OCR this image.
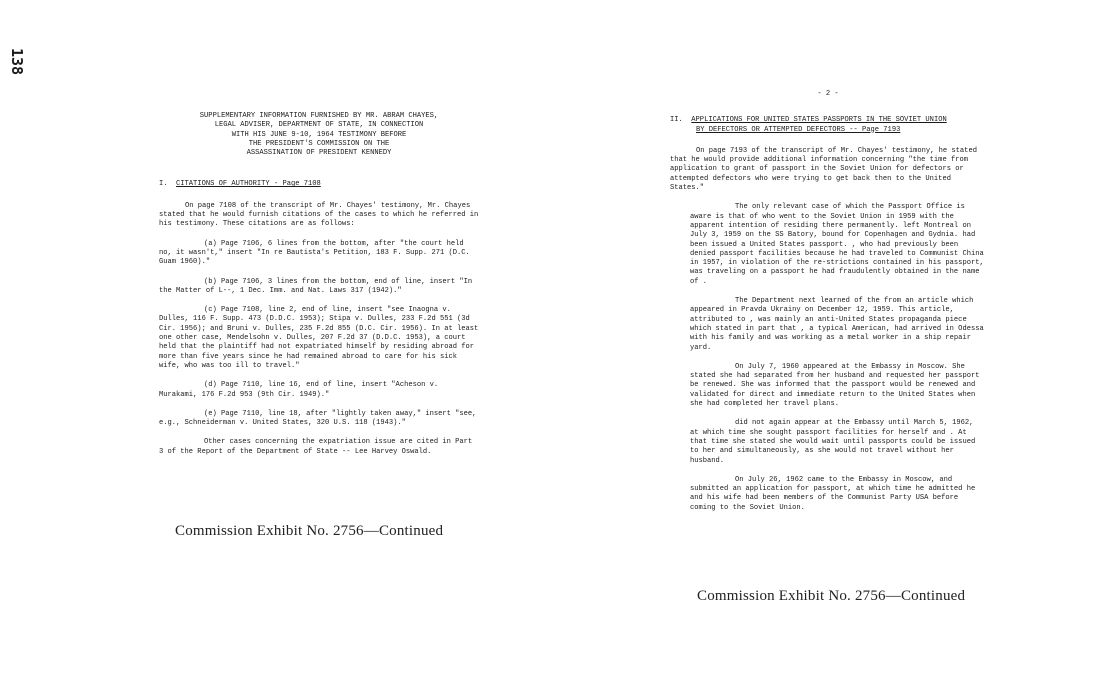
138
SUPPLEMENTARY INFORMATION FURNISHED BY MR. ABRAM CHAYES,
LEGAL ADVISER, DEPARTMENT OF STATE, IN CONNECTION
WITH HIS JUNE 9-10, 1964 TESTIMONY BEFORE
THE PRESIDENT'S COMMISSION ON THE
ASSASSINATION OF PRESIDENT KENNEDY
I. CITATIONS OF AUTHORITY - Page 7108

On page 7108 of the transcript of Mr. Chayes' testimony, Mr. Chayes stated that he would furnish citations of the cases to which he referred in his testimony. These citations are as follows:

(a) Page 7106, 6 lines from the bottom, after "the court held no, it wasn't," insert "In re Bautista's Petition, 183 F. Supp. 271 (D.C. Guam 1960)."

(b) Page 7106, 3 lines from the bottom, end of line, insert "In the Matter of L--, 1 Dec. Imm. and Nat. Laws 317 (1942)."

(c) Page 7108, line 2, end of line, insert "see Inaogna v. Dulles, 116 F. Supp. 473 (D.D.C. 1953); Stipa v. Dulles, 233 F.2d 551 (3d Cir. 1956); and Bruni v. Dulles, 235 F.2d 855 (D.C. Cir. 1956). In at least one other case, Mendelsohn v. Dulles, 207 F.2d 37 (D.D.C. 1953), a court held that the plaintiff had not expatriated himself by residing abroad for more than five years since he had remained abroad to care for his sick wife, who was too ill to travel."

(d) Page 7110, line 16, end of line, insert "Acheson v. Murakami, 176 F.2d 953 (9th Cir. 1949)."

(e) Page 7110, line 18, after "lightly taken away," insert "see, e.g., Schneiderman v. United States, 320 U.S. 118 (1943)."

Other cases concerning the expatriation issue are cited in Part 3 of the Report of the Department of State -- Lee Harvey Oswald.

Commission Exhibit No. 2756—Continued
- 2 -
II. APPLICATIONS FOR UNITED STATES PASSPORTS IN THE SOVIET UNION
BY DEFECTORS OR ATTEMPTED DEFECTORS -- Page 7193

On page 7193 of the transcript of Mr. Chayes' testimony, he stated that he would provide additional information concerning "the time from application to grant of passport in the Soviet Union for defectors or attempted defectors who were trying to get back then to the United States."

The only relevant case of which the Passport Office is aware is that of who went to the Soviet Union in 1959 with the apparent intention of residing there permanently. left Montreal on July 3, 1959 on the SS Batory, bound for Copenhagen and Gydnia. had been issued a United States passport. , who had previously been denied passport facilities because he had traveled to Communist China in 1957, in violation of the re-strictions contained in his passport, was traveling on a passport he had fraudulently obtained in the name of .

The Department next learned of the from an article which appeared in Pravda Ukrainy on December 12, 1959. This article, attributed to , was mainly an anti-United States propaganda piece which stated in part that , a typical American, had arrived in Odessa with his family and was working as a metal worker in a ship repair yard.

On July 7, 1960 appeared at the Embassy in Moscow. She stated she had separated from her husband and requested her passport be renewed. She was informed that the passport would be renewed and validated for direct and immediate return to the United States when she had completed her travel plans.

did not again appear at the Embassy until March 5, 1962, at which time she sought passport facilities for herself and . At that time she stated she would wait until passports could be issued to her and simultaneously, as she would not travel without her husband.

On July 26, 1962 came to the Embassy in Moscow, and submitted an application for passport, at which time he admitted he and his wife had been members of the Communist Party USA before coming to the Soviet Union.

Commission Exhibit No. 2756—Continued
